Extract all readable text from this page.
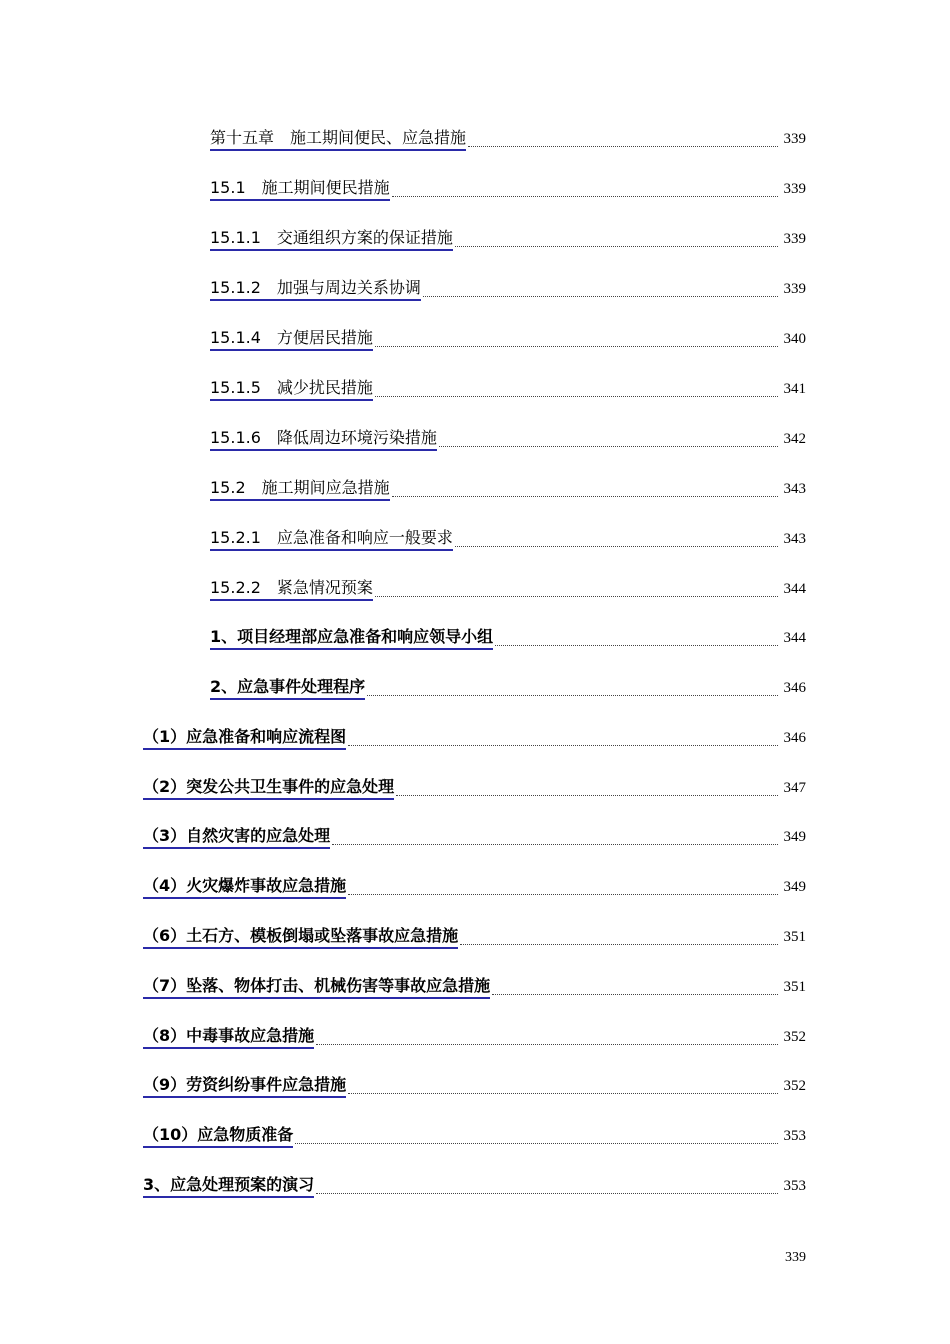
第十五章　施工期间便民、应急措施	339
15.1　施工期间便民措施	339
15.1.1　交通组织方案的保证措施	339
15.1.2　加强与周边关系协调	339
15.1.4　方便居民措施	340
15.1.5　减少扰民措施	341
15.1.6　降低周边环境污染措施	342
15.2　施工期间应急措施	343
15.2.1　应急准备和响应一般要求	343
15.2.2　紧急情况预案	344
1、项目经理部应急准备和响应领导小组	344
2、应急事件处理程序	346
（1）应急准备和响应流程图	346
（2）突发公共卫生事件的应急处理	347
（3）自然灾害的应急处理	349
（4）火灾爆炸事故应急措施	349
（6）土石方、模板倒塌或坠落事故应急措施	351
（7）坠落、物体打击、机械伤害等事故应急措施	351
（8）中毒事故应急措施	352
（9）劳资纠纷事件应急措施	352
（10）应急物质准备	353
3、应急处理预案的演习	353
339
